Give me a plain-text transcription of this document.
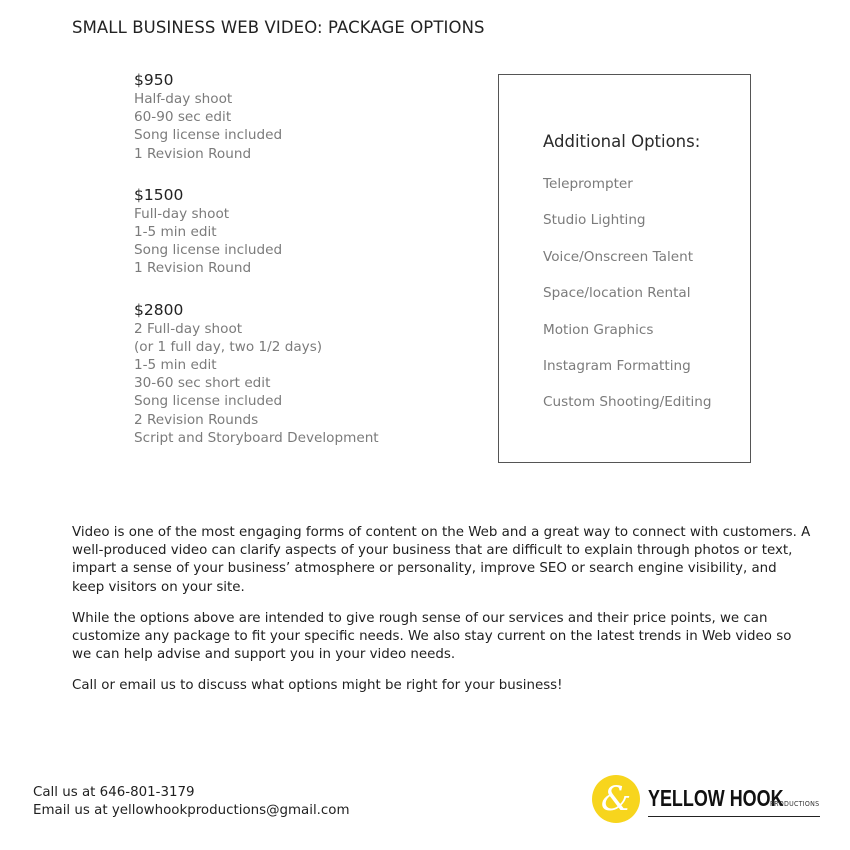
SMALL BUSINESS WEB VIDEO: PACKAGE OPTIONS
$950
Half-day shoot
60-90 sec edit
Song license included
1 Revision Round
$1500
Full-day shoot
1-5 min edit
Song license included
1 Revision Round
$2800
2 Full-day shoot
(or 1 full day, two 1/2 days)
1-5 min edit
30-60 sec short edit
Song license included
2 Revision Rounds
Script and Storyboard Development
Additional Options:
Teleprompter
Studio Lighting
Voice/Onscreen Talent
Space/location Rental
Motion Graphics
Instagram Formatting
Custom Shooting/Editing

Video is one of the most engaging forms of content on the Web and a great way to connect with customers. A well-produced video can clarify aspects of your business that are difficult to explain through photos or text, impart a sense of your business’ atmosphere or personality, improve SEO or search engine visibility, and keep visitors on your site.

While the options above are intended to give rough sense of our services and their price points, we can customize any package to fit your specific needs. We also stay current on the latest trends in Web video so we can help advise and support you in your video needs.

Call or email us to discuss what options might be right for your business!

Call us at 646-801-3179
Email us at yellowhookproductions@gmail.com	& YELLOW HOOK
PRODUCTIONS
